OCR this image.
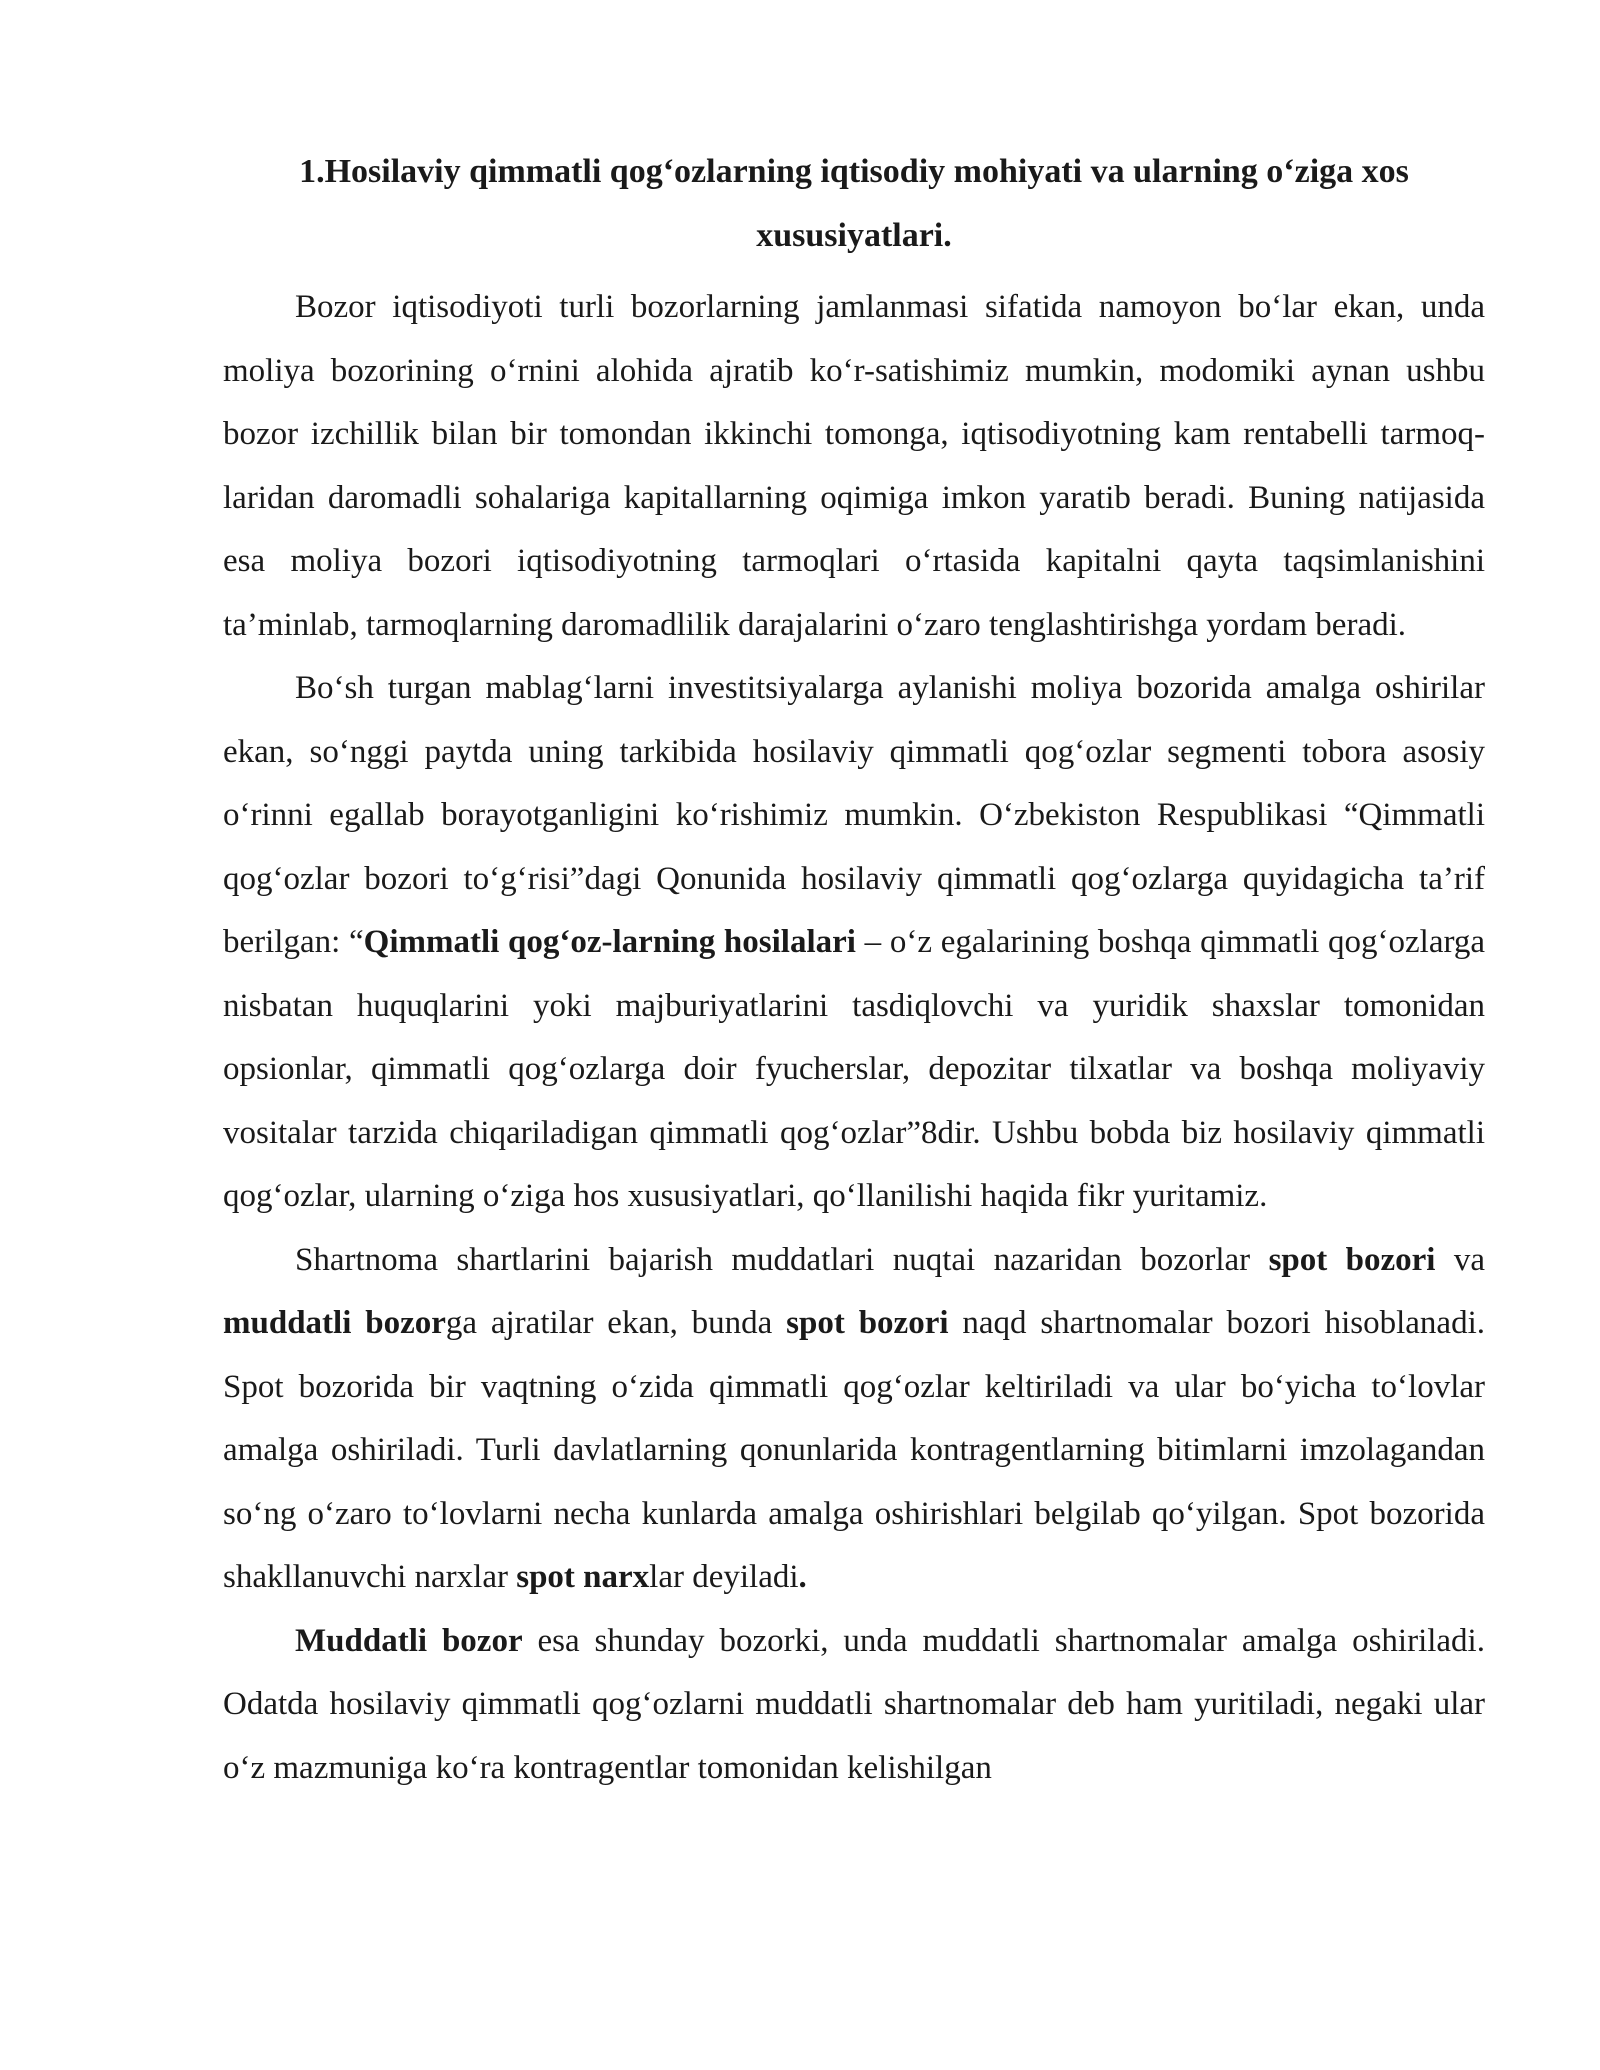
1.Hosilaviy qimmatli qog‘ozlarning iqtisodiy mohiyati va ularning o‘ziga xos xususiyatlari.

Bozor iqtisodiyoti turli bozorlarning jamlanmasi sifatida namoyon bo‘lar ekan, unda moliya bozorining o‘rnini alohida ajratib ko‘r-satishimiz mumkin, modomiki aynan ushbu bozor izchillik bilan bir tomondan ikkinchi tomonga, iqtisodiyotning kam rentabelli tarmoq-laridan daromadli sohalariga kapitallarning oqimiga imkon yaratib beradi. Buning natijasida esa moliya bozori iqtisodiyotning tarmoqlari o‘rtasida kapitalni qayta taqsimlanishini ta’minlab, tarmoqlarning daromadlilik darajalarini o‘zaro tenglashtirishga yordam beradi.

Bo‘sh turgan mablag‘larni investitsiyalarga aylanishi moliya bozorida amalga oshirilar ekan, so‘nggi paytda uning tarkibida hosilaviy qimmatli qog‘ozlar segmenti tobora asosiy o‘rinni egallab borayotganligini ko‘rishimiz mumkin. O‘zbekiston Respublikasi “Qimmatli qog‘ozlar bozori to‘g‘risi”dagi Qonunida hosilaviy qimmatli qog‘ozlarga quyidagicha ta’rif berilgan: “Qimmatli qog‘oz-larning hosilalari – o‘z egalarining boshqa qimmatli qog‘ozlarga nisbatan huquqlarini yoki majburiyatlarini tasdiqlovchi va yuridik shaxslar tomonidan opsionlar, qimmatli qog‘ozlarga doir fyucherslar, depozitar tilxatlar va boshqa moliyaviy vositalar tarzida chiqariladigan qimmatli qog‘ozlar”8dir. Ushbu bobda biz hosilaviy qimmatli qog‘ozlar, ularning o‘ziga hos xususiyatlari, qo‘llanilishi haqida fikr yuritamiz.

Shartnoma shartlarini bajarish muddatlari nuqtai nazaridan bozorlar spot bozori va muddatli bozorga ajratilar ekan, bunda spot bozori naqd shartnomalar bozori hisoblanadi. Spot bozorida bir vaqtning o‘zida qimmatli qog‘ozlar keltiriladi va ular bo‘yicha to‘lovlar amalga oshiriladi. Turli davlatlarning qonunlarida kontragentlarning bitimlarni imzolagandan so‘ng o‘zaro to‘lovlarni necha kunlarda amalga oshirishlari belgilab qo‘yilgan. Spot bozorida shakllanuvchi narxlar spot narxlar deyiladi.

Muddatli bozor esa shunday bozorki, unda muddatli shartnomalar amalga oshiriladi. Odatda hosilaviy qimmatli qog‘ozlarni muddatli shartnomalar deb ham yuritiladi, negaki ular o‘z mazmuniga ko‘ra kontragentlar tomonidan kelishilgan
